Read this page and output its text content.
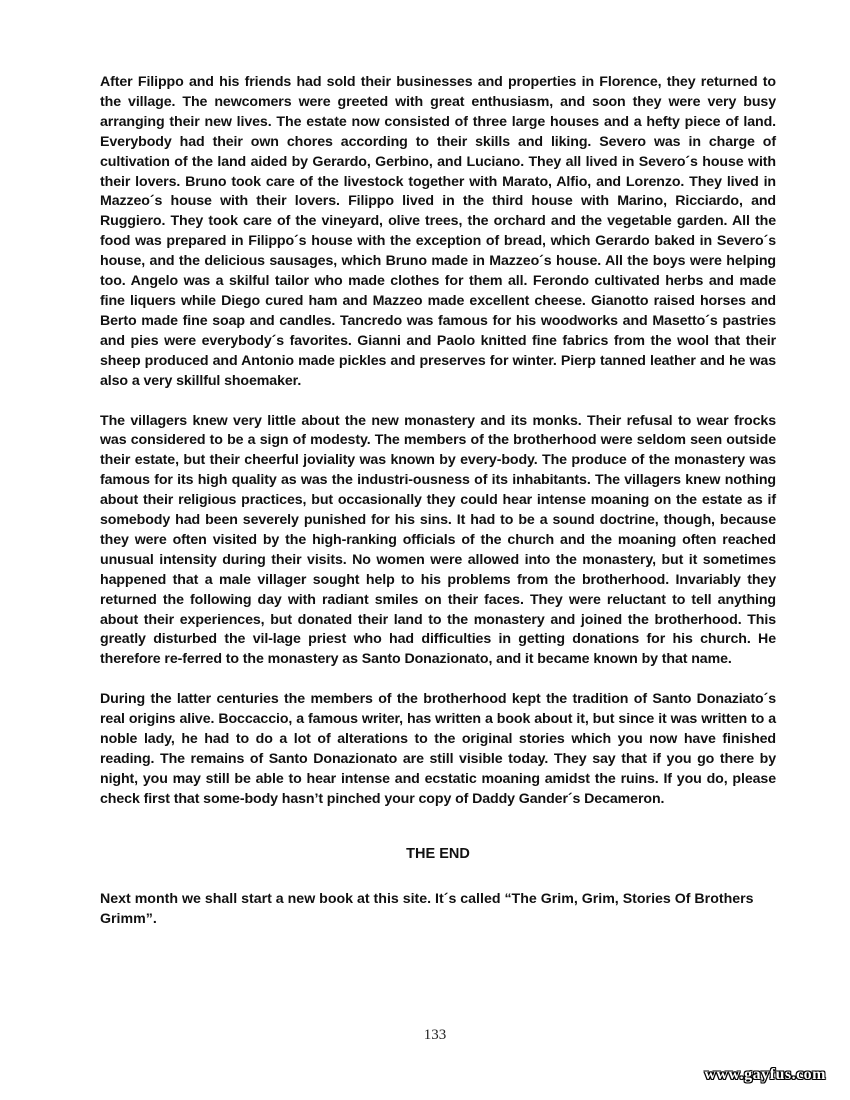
After Filippo and his friends had sold their businesses and properties in Florence, they returned to the village. The newcomers were greeted with great enthusiasm, and soon they were very busy arranging their new lives. The estate now consisted of three large houses and a hefty piece of land. Everybody had their own chores according to their skills and liking. Severo was in charge of cultivation of the land aided by Gerardo, Gerbino, and Luciano. They all lived in Severo´s house with their lovers. Bruno took care of the livestock together with Marato, Alfio, and Lorenzo. They lived in Mazzeo´s house with their lovers. Filippo lived in the third house with Marino, Ricciardo, and Ruggiero. They took care of the vineyard, olive trees, the orchard and the vegetable garden. All the food was prepared in Filippo´s house with the exception of bread, which Gerardo baked in Severo´s house, and the delicious sausages, which Bruno made in Mazzeo´s house. All the boys were helping too. Angelo was a skilful tailor who made clothes for them all. Ferondo cultivated herbs and made fine liquers while Diego cured ham and Mazzeo made excellent cheese. Gianotto raised horses and Berto made fine soap and candles. Tancredo was famous for his woodworks and Masetto´s pastries and pies were everybody´s favorites. Gianni and Paolo knitted fine fabrics from the wool that their sheep produced and Antonio made pickles and preserves for winter. Pierp tanned leather and he was also a very skillful shoemaker.

The villagers knew very little about the new monastery and its monks. Their refusal to wear frocks was considered to be a sign of modesty. The members of the brotherhood were seldom seen outside their estate, but their cheerful joviality was known by every-body. The produce of the monastery was famous for its high quality as was the industri-ousness of its inhabitants. The villagers knew nothing about their religious practices, but occasionally they could hear intense moaning on the estate as if somebody had been severely punished for his sins. It had to be a sound doctrine, though, because they were often visited by the high-ranking officials of the church and the moaning often reached unusual intensity during their visits. No women were allowed into the monastery, but it sometimes happened that a male villager sought help to his problems from the brotherhood. Invariably they returned the following day with radiant smiles on their faces. They were reluctant to tell anything about their experiences, but donated their land to the monastery and joined the brotherhood. This greatly disturbed the vil-lage priest who had difficulties in getting donations for his church. He therefore re-ferred to the monastery as Santo Donazionato, and it became known by that name.

During the latter centuries the members of the brotherhood kept the tradition of Santo Donaziato´s real origins alive. Boccaccio, a famous writer, has written a book about it, but since it was written to a noble lady, he had to do a lot of alterations to the original stories which you now have finished reading. The remains of Santo Donazionato are still visible today. They say that if you go there by night, you may still be able to hear intense and ecstatic moaning amidst the ruins. If you do, please check first that some-body hasn’t pinched your copy of Daddy Gander´s Decameron.

THE END

Next month we shall start a new book at this site. It´s called “The Grim, Grim, Stories Of Brothers Grimm”.

133
www.gayfus.com
